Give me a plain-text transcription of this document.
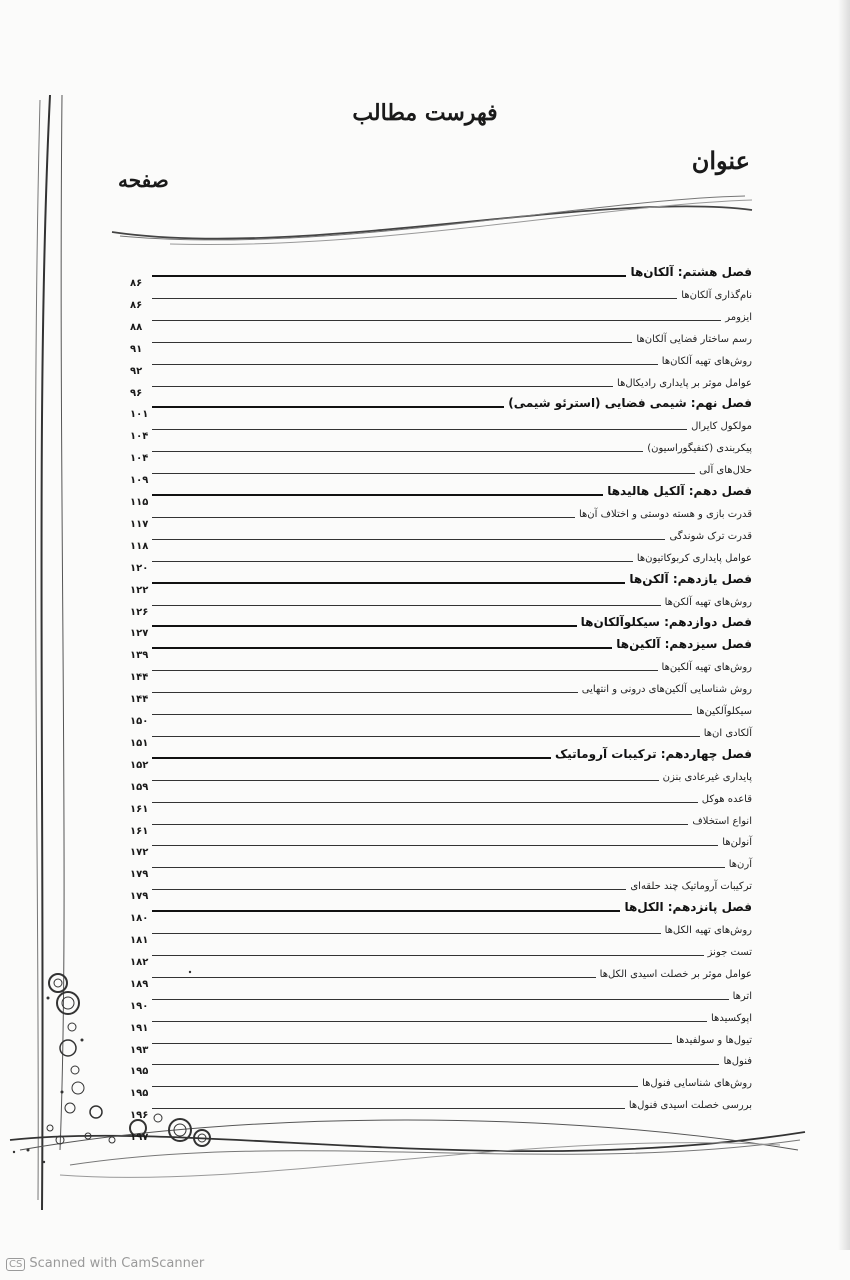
فهرست مطالب
عنوان
صفحه
فصل هشتم: آلکان‌ها
نام‌گذاری آلکان‌ها
ایزومر
رسم ساختار فضایی آلکان‌ها
روش‌های تهیه آلکان‌ها
عوامل موثر بر پایداری رادیکال‌ها
فصل نهم: شیمی فضایی (استرئو شیمی)
مولکول کایرال
پیکربندی (کنفیگوراسیون)
حلال‌های آلی
فصل دهم: آلکیل هالیدها
قدرت بازی و هسته دوستی و اختلاف آن‌ها
قدرت ترک شوندگی
عوامل پایداری کربوکاتیون‌ها
فصل یازدهم: آلکن‌ها
روش‌های تهیه آلکن‌ها
فصل دوازدهم: سیکلوآلکان‌ها
فصل سیزدهم: آلکین‌ها
روش‌های تهیه آلکین‌ها
روش شناسایی آلکین‌های درونی و انتهایی
سیکلوآلکین‌ها
آلکادی ان‌ها
فصل چهاردهم: ترکیبات آروماتیک
پایداری غیرعادی بنزن
قاعده هوکل
انواع استخلاف
آنولن‌ها
آرن‌ها
ترکیبات آروماتیک چند حلقه‌ای
فصل پانزدهم: الکل‌ها
روش‌های تهیه الکل‌ها
تست جونز
عوامل موثر بر خصلت اسیدی الکل‌ها
اترها
اپوکسیدها
تیول‌ها و سولفیدها
فنول‌ها
روش‌های شناسایی فنول‌ها
بررسی خصلت اسیدی فنول‌ها
۸۶
۸۶
۸۸
۹۱
۹۲
۹۶
۱۰۱
۱۰۴
۱۰۴
۱۰۹
۱۱۵
۱۱۷
۱۱۸
۱۲۰
۱۲۲
۱۲۶
۱۲۷
۱۳۹
۱۴۴
۱۴۴
۱۵۰
۱۵۱
۱۵۲
۱۵۹
۱۶۱
۱۶۱
۱۷۲
۱۷۹
۱۷۹
۱۸۰
۱۸۱
۱۸۲
۱۸۹
۱۹۰
۱۹۱
۱۹۳
۱۹۵
۱۹۵
۱۹۶
۱۹۷
CS Scanned with CamScanner
